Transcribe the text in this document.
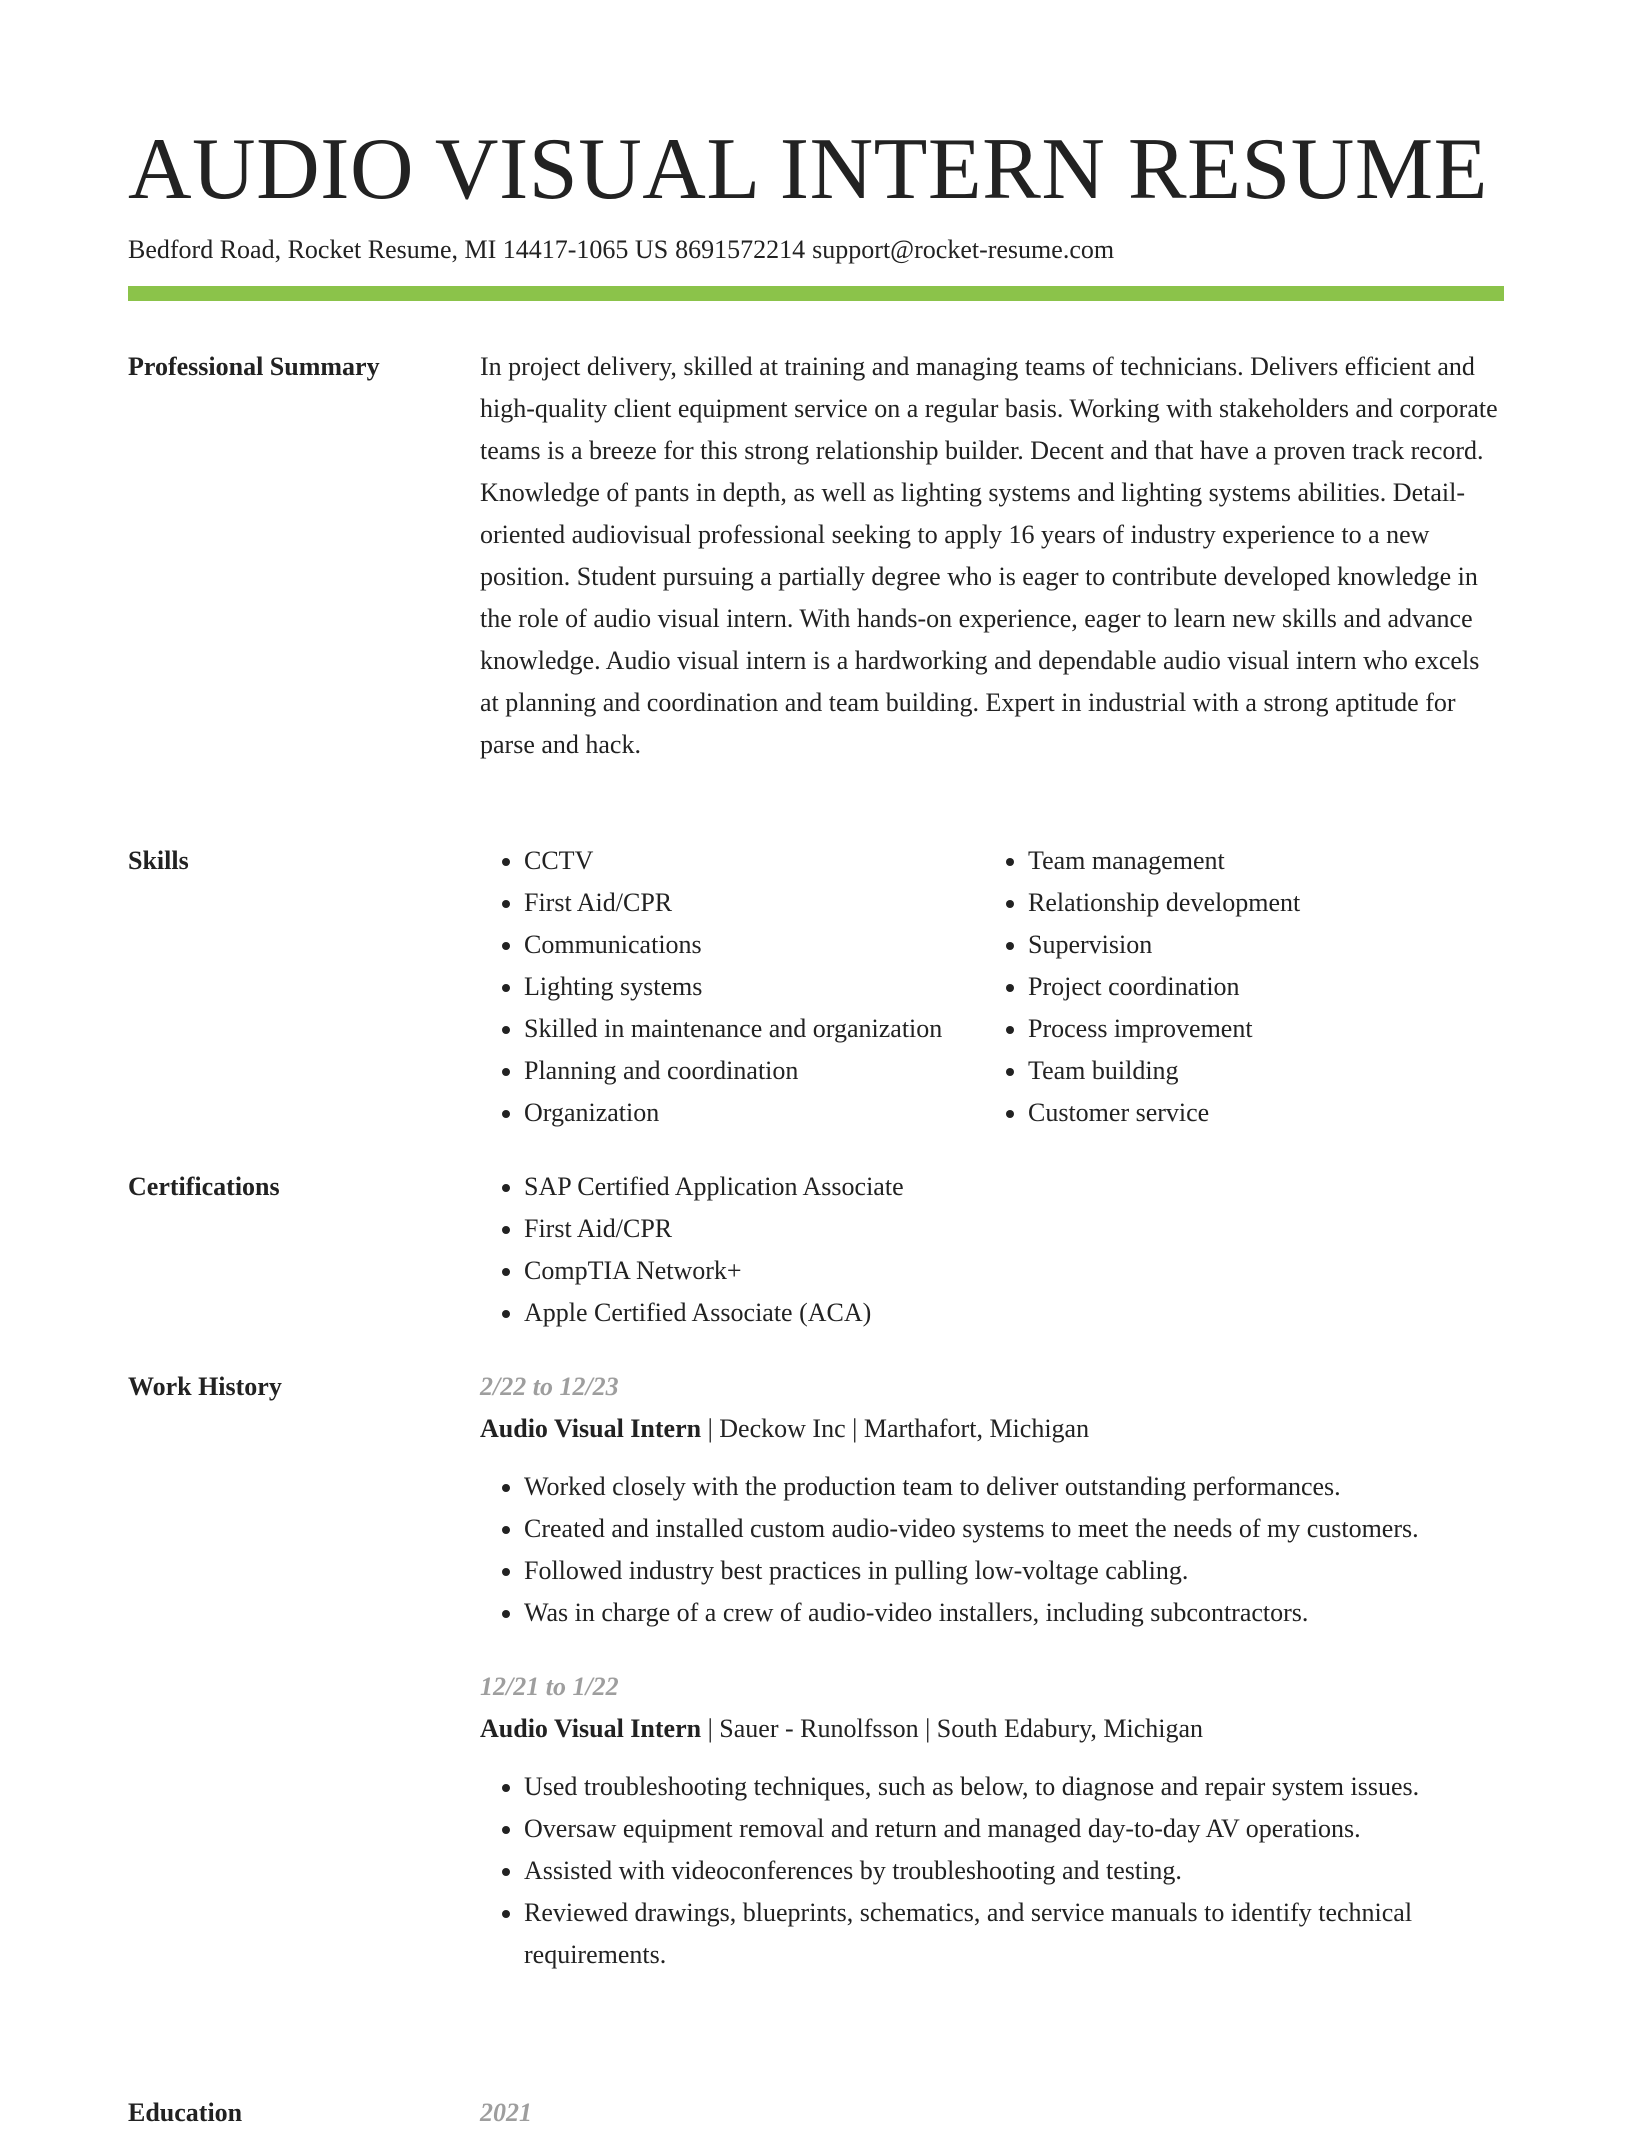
AUDIO VISUAL INTERN RESUME
Bedford Road, Rocket Resume, MI 14417-1065 US 8691572214 support@rocket-resume.com
Professional Summary	In project delivery, skilled at training and managing teams of technicians. Delivers efficient and high-quality client equipment service on a regular basis. Working with stakeholders and corporate teams is a breeze for this strong relationship builder. Decent and that have a proven track record. Knowledge of pants in depth, as well as lighting systems and lighting systems abilities. Detail-oriented audiovisual professional seeking to apply 16 years of industry experience to a new position. Student pursuing a partially degree who is eager to contribute developed knowledge in the role of audio visual intern. With hands-on experience, eager to learn new skills and advance knowledge. Audio visual intern is a hardworking and dependable audio visual intern who excels at planning and coordination and team building. Expert in industrial with a strong aptitude for parse and hack.

Skills	• CCTV
• First Aid/CPR
• Communications
• Lighting systems
• Skilled in maintenance and organization
• Planning and coordination
• Organization
• Team management
• Relationship development
• Supervision
• Project coordination
• Process improvement
• Team building
• Customer service
Certifications	• SAP Certified Application Associate
• First Aid/CPR
• CompTIA Network+
• Apple Certified Associate (ACA)
Work History	2/22 to 12/23
Audio Visual Intern | Deckow Inc | Marthafort, Michigan
• Worked closely with the production team to deliver outstanding performances.
• Created and installed custom audio-video systems to meet the needs of my customers.
• Followed industry best practices in pulling low-voltage cabling.
• Was in charge of a crew of audio-video installers, including subcontractors.
12/21 to 1/22
Audio Visual Intern | Sauer - Runolfsson | South Edabury, Michigan
• Used troubleshooting techniques, such as below, to diagnose and repair system issues.
• Oversaw equipment removal and return and managed day-to-day AV operations.
• Assisted with videoconferences by troubleshooting and testing.
• Reviewed drawings, blueprints, schematics, and service manuals to identify technical requirements.
Education	2021
